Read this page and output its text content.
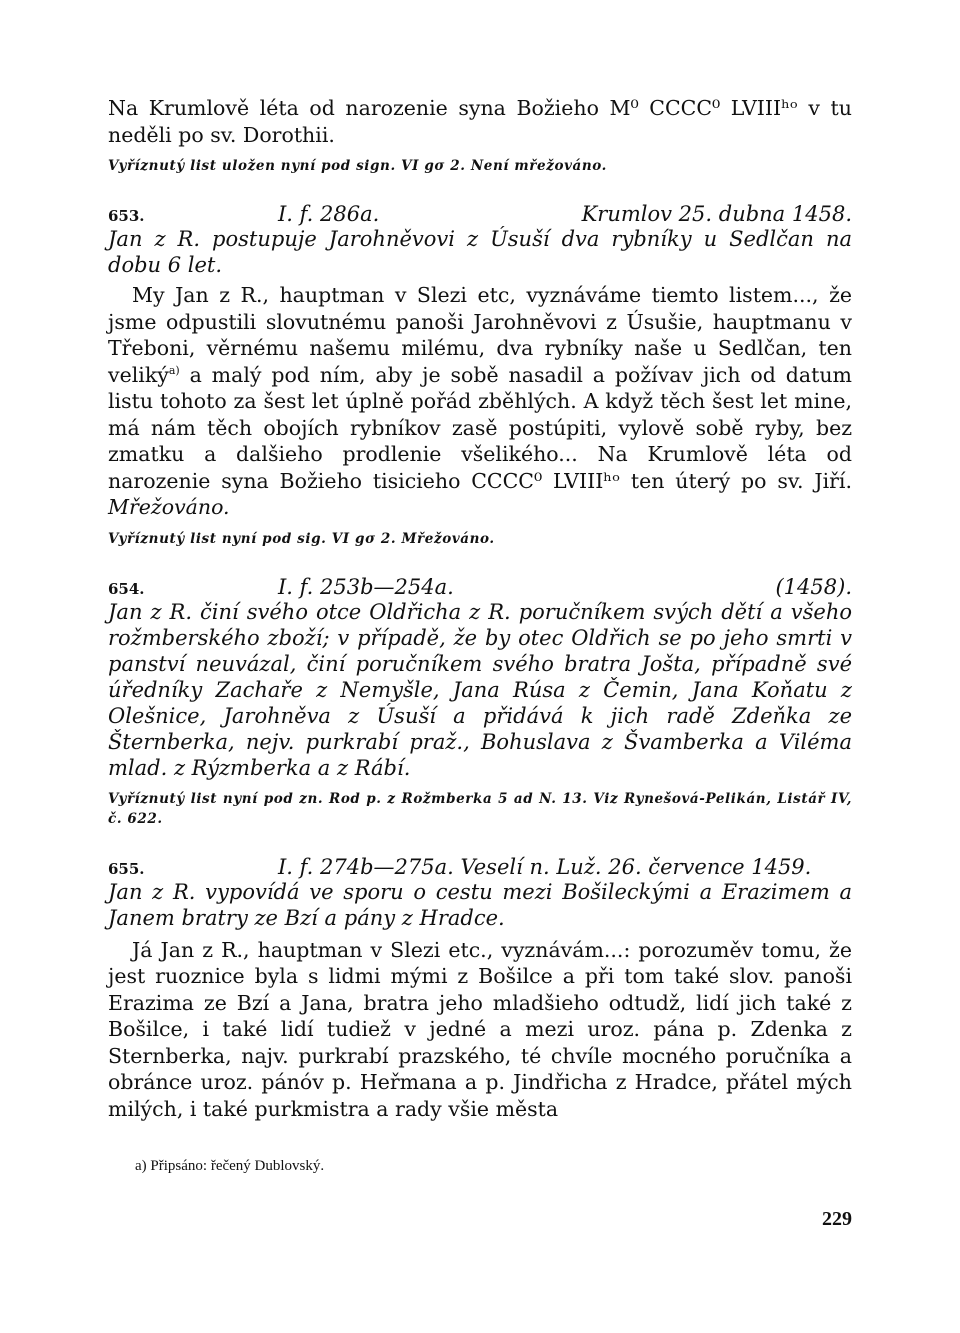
Na Krumlově léta od narozenie syna Božieho M⁰ CCCC⁰ LVIIIʰᵒ v tu neděli po sv. Dorothii.

Vyříznutý list uložen nyní pod sign. VI gσ 2. Není mřežováno.

653.	I. f. 286a.	Krumlov 25. dubna 1458.

Jan z R. postupuje Jarohněvovi z Úsuší dva rybníky u Sedlčan na dobu 6 let.

My Jan z R., hauptman v Slezi etc, vyznáváme tiemto listem..., že jsme odpustili slovutnému panoši Jarohněvovi z Úsušie, hauptmanu v Třeboni, věrnému našemu milému, dva rybníky naše u Sedlčan, ten veliký$^{a)}$ a malý pod ním, aby je sobě nasadil a požívav jich od datum listu tohoto za šest let úplně pořád zběhlých. A když těch šest let mine, má nám těch obojích rybníkov zasě postúpiti, vylově sobě ryby, bez zmatku a dalšieho prodlenie všelikého... Na Krumlově léta od narozenie syna Božieho tisicieho CCCC⁰ LVIIIʰᵒ ten úterý po sv. Jiří. Mřežováno.

Vyříznutý list nyní pod sig. VI gσ 2. Mřežováno.

654.	I. f. 253b—254a.	(1458).

Jan z R. činí svého otce Oldřicha z R. poručníkem svých dětí a všeho rožmberského zboží; v případě, že by otec Oldřich se po jeho smrti v panství neuvázal, činí poručníkem svého bratra Jošta, případně své úředníky Zachaře z Nemyšle, Jana Rúsa z Čemin, Jana Koňatu z Olešnice, Jarohněva z Úsuší a přidává k jich radě Zdeňka ze Šternberka, nejv. purkrabí praž., Bohuslava z Švamberka a Viléma mlad. z Rýzmberka a z Rábí.

Vyříznutý list nyní pod zn. Rod p. z Rožmberka 5 ad N. 13. Viz Rynešová-Pelikán, Listář IV, č. 622.

655.	I. f. 274b—275a. Veselí n. Luž. 26. července 1459.

Jan z R. vypovídá ve sporu o cestu mezi Bošileckými a Erazimem a Janem bratry ze Bzí a pány z Hradce.

Já Jan z R., hauptman v Slezi etc., vyznávám...: porozuměv tomu, že jest ruoznice byla s lidmi mými z Bošilce a při tom také slov. panoši Erazima ze Bzí a Jana, bratra jeho mladšieho odtudž, lidí jich také z Bošilce, i také lidí tudiež v jedné a mezi uroz. pána p. Zdenka z Sternberka, najv. purkrabí prazského, té chvíle mocného poručníka a obránce uroz. pánóv p. Heřmana a p. Jindřicha z Hradce, přátel mých milých, i také purkmistra a rady všie města

a) Připsáno: řečený Dublovský.
229
